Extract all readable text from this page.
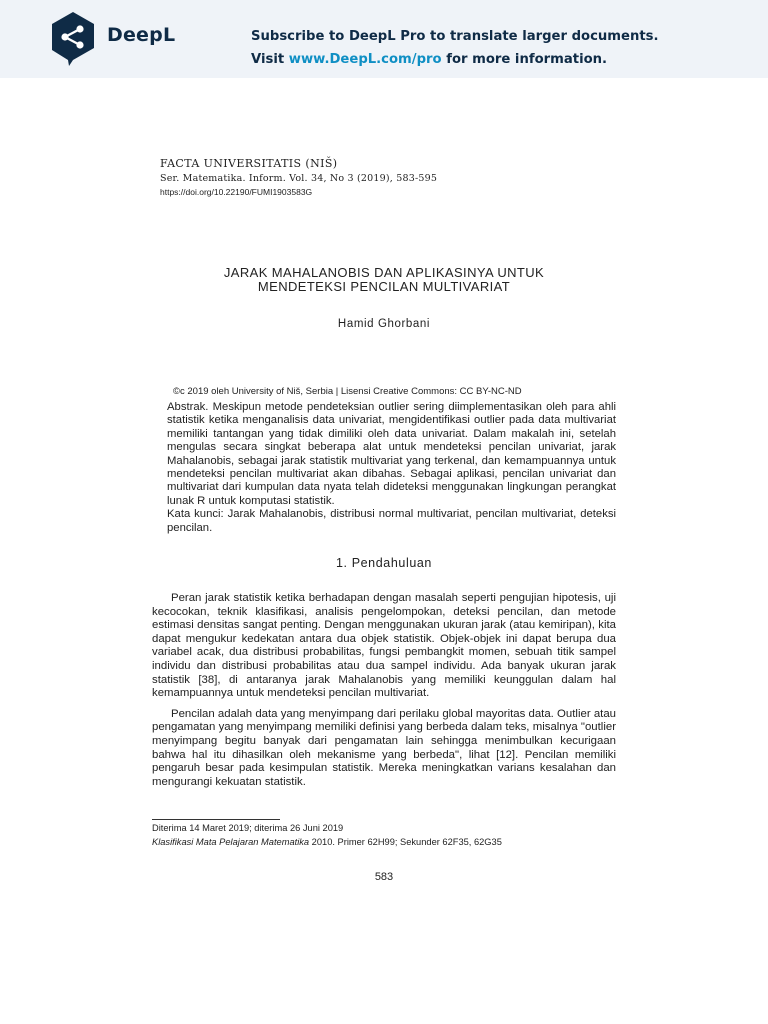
DeepL	Subscribe to DeepL Pro to translate larger documents.
Visit www.DeepL.com/pro for more information.
FACTA UNIVERSITATIS (NIŠ)
Ser. Matematika. Inform. Vol. 34, No 3 (2019), 583-595
https://doi.org/10.22190/FUMI1903583G
JARAK MAHALANOBIS DAN APLIKASINYA UNTUK
MENDETEKSI PENCILAN MULTIVARIAT
Hamid Ghorbani
©c 2019 oleh University of Niš, Serbia | Lisensi Creative Commons: CC BY-NC-ND

Abstrak. Meskipun metode pendeteksian outlier sering diimplementasikan oleh para ahli statistik ketika menganalisis data univariat, mengidentifikasi outlier pada data multivariat memiliki tantangan yang tidak dimiliki oleh data univariat. Dalam makalah ini, setelah mengulas secara singkat beberapa alat untuk mendeteksi pencilan univariat, jarak Mahalanobis, sebagai jarak statistik multivariat yang terkenal, dan kemampuannya untuk mendeteksi pencilan multivariat akan dibahas. Sebagai aplikasi, pencilan univariat dan multivariat dari kumpulan data nyata telah dideteksi menggunakan lingkungan perangkat lunak R untuk komputasi statistik.

Kata kunci: Jarak Mahalanobis, distribusi normal multivariat, pencilan multivariat, deteksi pencilan.

1. Pendahuluan

Peran jarak statistik ketika berhadapan dengan masalah seperti pengujian hipotesis, uji kecocokan, teknik klasifikasi, analisis pengelompokan, deteksi pencilan, dan metode estimasi densitas sangat penting. Dengan menggunakan ukuran jarak (atau kemiripan), kita dapat mengukur kedekatan antara dua objek statistik. Objek-objek ini dapat berupa dua variabel acak, dua distribusi probabilitas, fungsi pembangkit momen, sebuah titik sampel individu dan distribusi probabilitas atau dua sampel individu. Ada banyak ukuran jarak statistik [38], di antaranya jarak Mahalanobis yang memiliki keunggulan dalam hal kemampuannya untuk mendeteksi pencilan multivariat.

Pencilan adalah data yang menyimpang dari perilaku global mayoritas data. Outlier atau pengamatan yang menyimpang memiliki definisi yang berbeda dalam teks, misalnya "outlier menyimpang begitu banyak dari pengamatan lain sehingga menimbulkan kecurigaan bahwa hal itu dihasilkan oleh mekanisme yang berbeda", lihat [12]. Pencilan memiliki pengaruh besar pada kesimpulan statistik. Mereka meningkatkan varians kesalahan dan mengurangi kekuatan statistik.

Diterima 14 Maret 2019; diterima 26 Juni 2019
Klasifikasi Mata Pelajaran Matematika 2010. Primer 62H99; Sekunder 62F35, 62G35
583
